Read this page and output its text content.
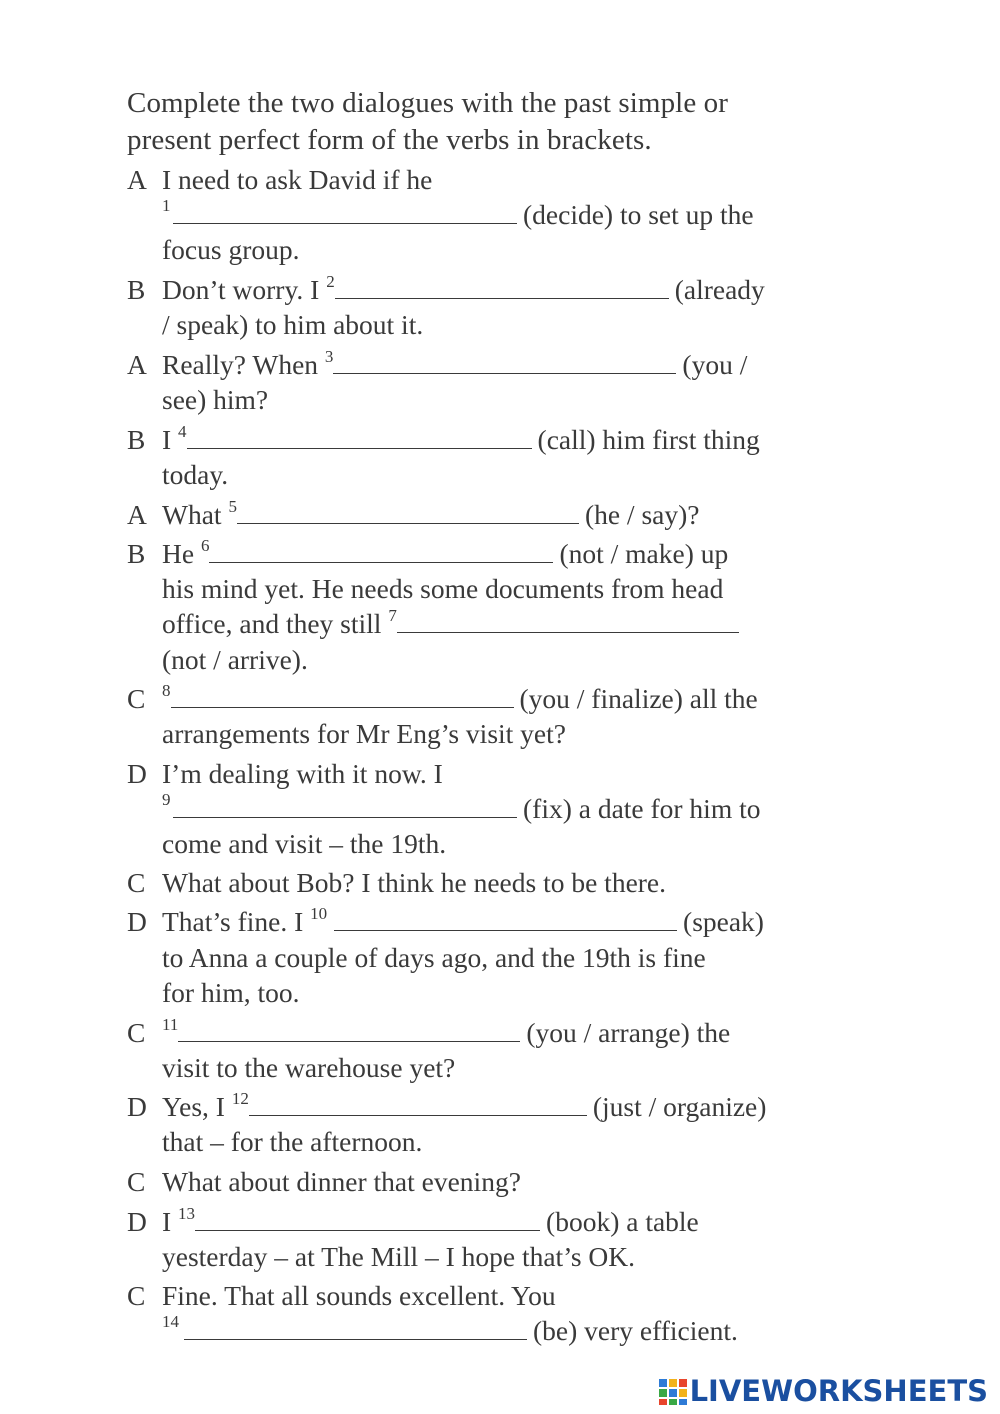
Complete the two dialogues with the past simple or
present perfect form of the verbs in brackets.
A I need to ask David if he
1	(decide) to set up the
focus group.
B Don’t worry. I $^2$	(already
/ speak) to him about it.
A Really? When $^3$	(you /
see) him?
B I $^4$	(call) him first thing
today.
A What $^5$	(he / say)?
B He $^6$	(not / make) up
his mind yet. He needs some documents from head
office, and they still $^7$
(not / arrive).
C $^8$	(you / finalize) all the
arrangements for Mr Eng’s visit yet?
D I’m dealing with it now. I
9	(fix) a date for him to
come and visit – the 19th.
C What about Bob? I think he needs to be there.
D That’s fine. I $^{10}$	(speak)
to Anna a couple of days ago, and the 19th is fine
for him, too.
C $^{11}$	(you / arrange) the
visit to the warehouse yet?
D Yes, I $^{12}$	(just / organize)
that – for the afternoon.
C What about dinner that evening?
D I $^{13}$	(book) a table
yesterday – at The Mill – I hope that’s OK.
C Fine. That all sounds excellent. You
14	(be) very efficient.
LIVEWORKSHEETS
